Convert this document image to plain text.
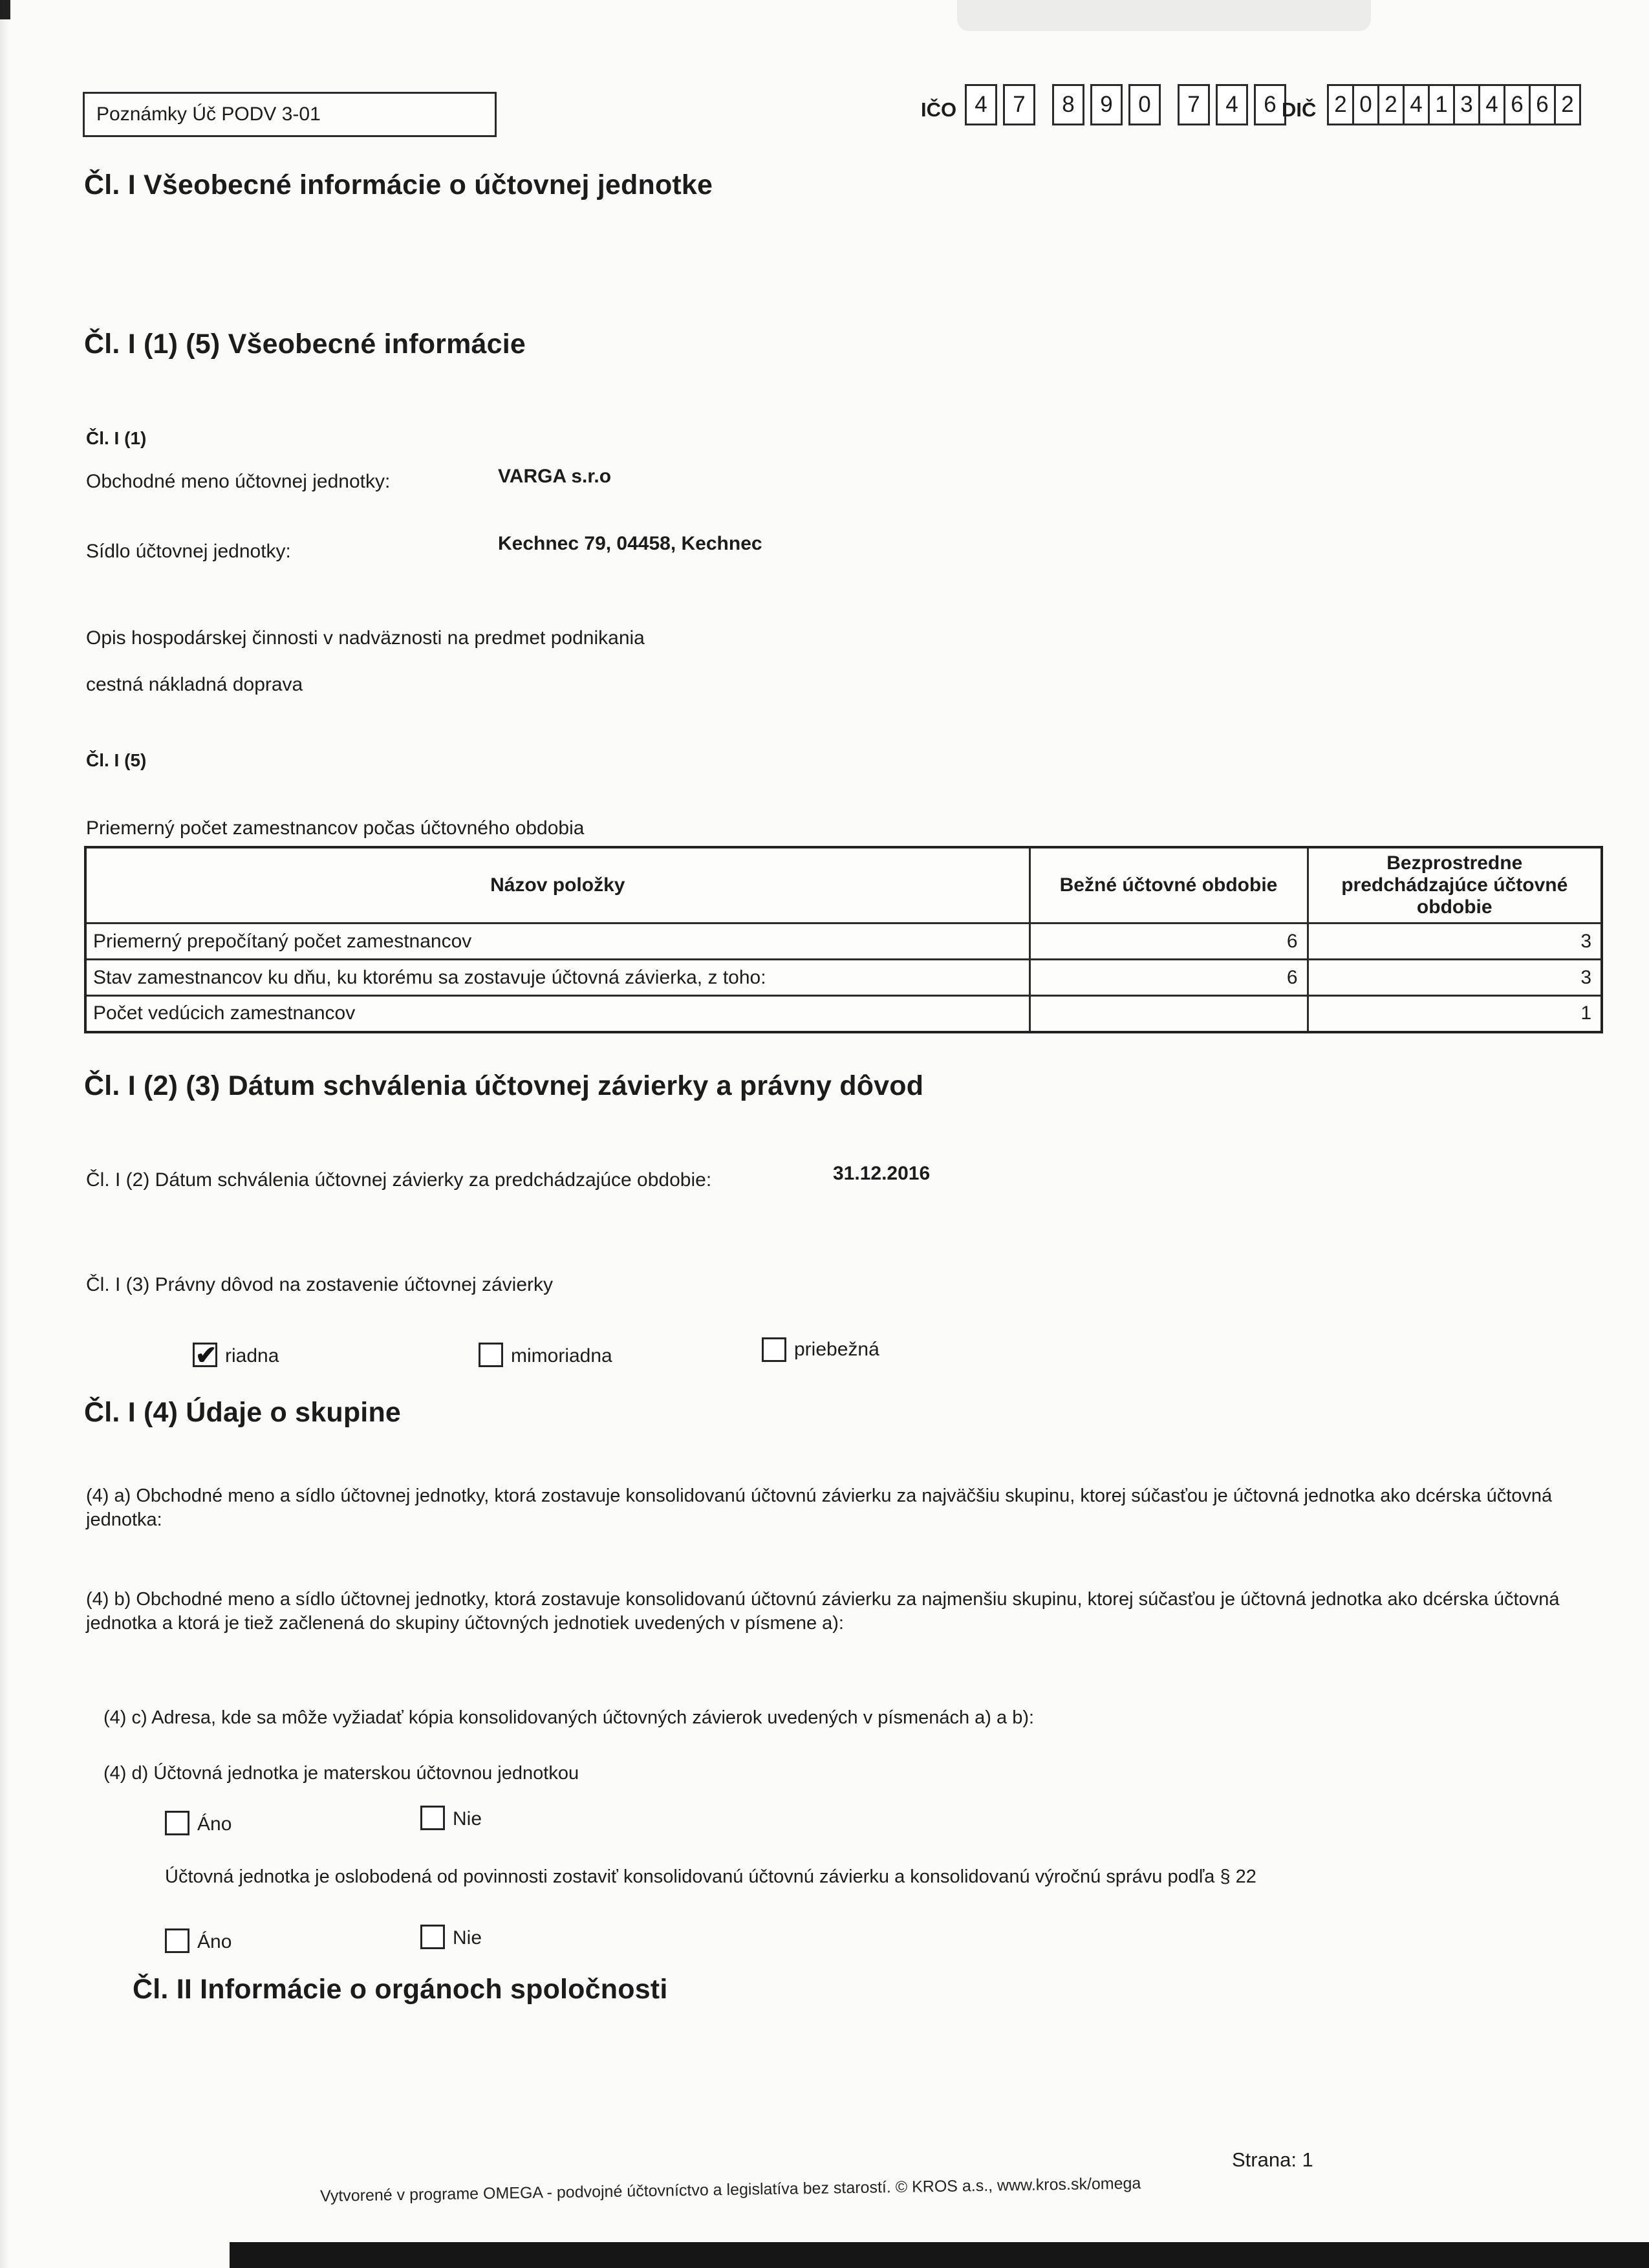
Poznámky Úč PODV 3-01	IČO 4	7	8	9	0	7	4	6 DIČ 2 0 2 4 1 3 4 6 6 2
Čl. I Všeobecné informácie o účtovnej jednotke
Čl. I (1) (5) Všeobecné informácie
Čl. I (1)
Obchodné meno účtovnej jednotky:	VARGA s.r.o
Sídlo účtovnej jednotky:	Kechnec 79, 04458, Kechnec
Opis hospodárskej činnosti v nadväznosti na predmet podnikania
cestná nákladná doprava
Čl. I (5)
Priemerný počet zamestnancov počas účtovného obdobia
Názov položky	Bežné účtovné obdobie	Bezprostredne predchádzajúce účtovné obdobie
Priemerný prepočítaný počet zamestnancov	6	3
Stav zamestnancov ku dňu, ku ktorému sa zostavuje účtovná závierka, z toho:	6	3
Počet vedúcich zamestnancov		1
Čl. I (2) (3) Dátum schválenia účtovnej závierky a právny dôvod
Čl. I (2) Dátum schválenia účtovnej závierky za predchádzajúce obdobie:	31.12.2016
Čl. I (3) Právny dôvod na zostavenie účtovnej závierky
✔
riadna	mimoriadna	priebežná
Čl. I (4) Údaje o skupine
(4) a) Obchodné meno a sídlo účtovnej jednotky, ktorá zostavuje konsolidovanú účtovnú závierku za najväčšiu skupinu, ktorej súčasťou je účtovná jednotka ako dcérska účtovná jednotka:
(4) b) Obchodné meno a sídlo účtovnej jednotky, ktorá zostavuje konsolidovanú účtovnú závierku za najmenšiu skupinu, ktorej súčasťou je účtovná jednotka ako dcérska účtovná jednotka a ktorá je tiež začlenená do skupiny účtovných jednotiek uvedených v písmene a):
(4) c) Adresa, kde sa môže vyžiadať kópia konsolidovaných účtovných závierok uvedených v písmenách a) a b):
(4) d) Účtovná jednotka je materskou účtovnou jednotkou
Áno	Nie
Účtovná jednotka je oslobodená od povinnosti zostaviť konsolidovanú účtovnú závierku a konsolidovanú výročnú správu podľa § 22
Áno	Nie
Čl. II Informácie o orgánoch spoločnosti
Strana: 1
Vytvorené v programe OMEGA - podvojné účtovníctvo a legislatíva bez starostí. © KROS a.s., www.kros.sk/omega
